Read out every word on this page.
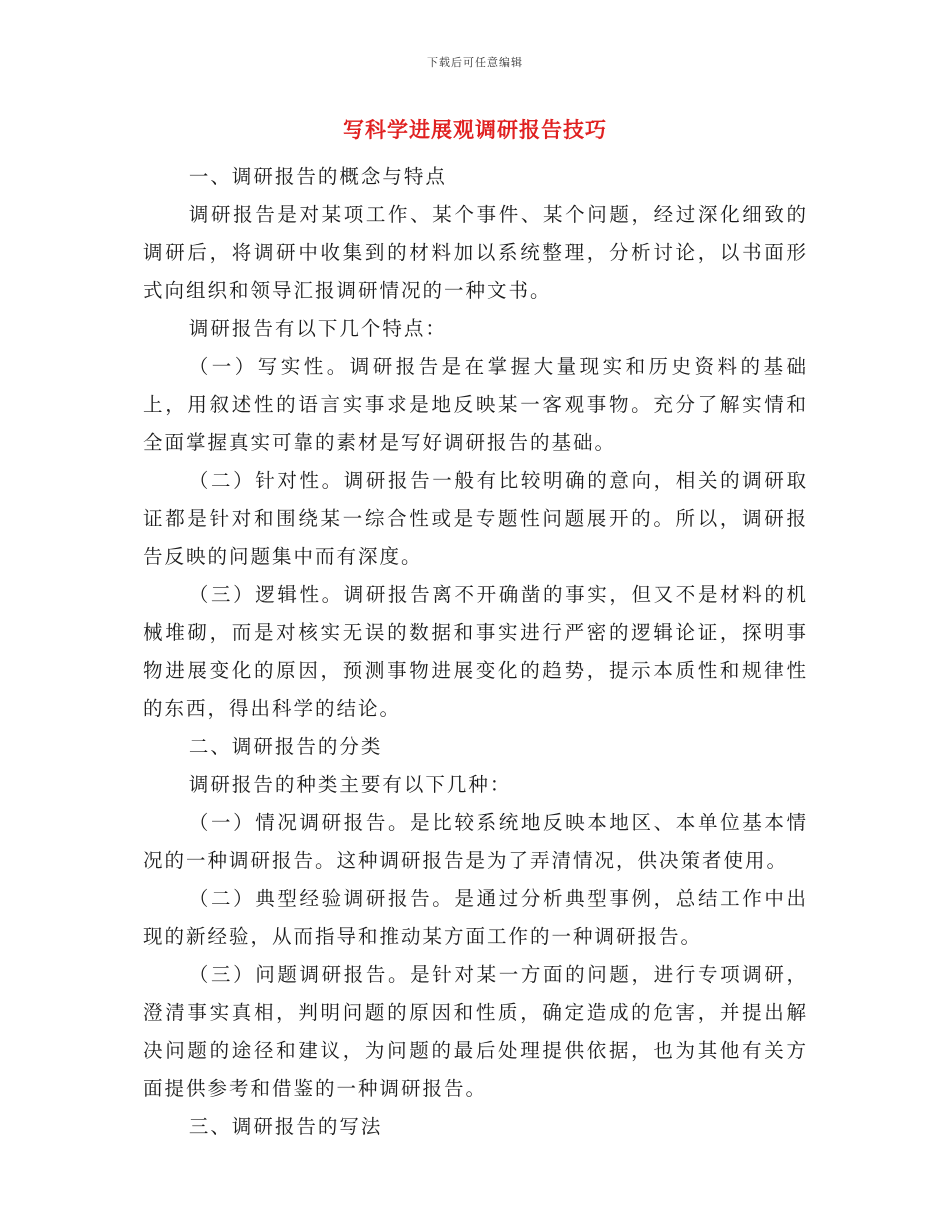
下载后可任意编辑
写科学进展观调研报告技巧

一、调研报告的概念与特点

调研报告是对某项工作、某个事件、某个问题，经过深化细致的调研后，将调研中收集到的材料加以系统整理，分析讨论，以书面形式向组织和领导汇报调研情况的一种文书。

调研报告有以下几个特点：

（一）写实性。调研报告是在掌握大量现实和历史资料的基础上，用叙述性的语言实事求是地反映某一客观事物。充分了解实情和全面掌握真实可靠的素材是写好调研报告的基础。

（二）针对性。调研报告一般有比较明确的意向，相关的调研取证都是针对和围绕某一综合性或是专题性问题展开的。所以，调研报告反映的问题集中而有深度。

（三）逻辑性。调研报告离不开确凿的事实，但又不是材料的机械堆砌，而是对核实无误的数据和事实进行严密的逻辑论证，探明事物进展变化的原因，预测事物进展变化的趋势，提示本质性和规律性的东西，得出科学的结论。

二、调研报告的分类

调研报告的种类主要有以下几种：

（一）情况调研报告。是比较系统地反映本地区、本单位基本情况的一种调研报告。这种调研报告是为了弄清情况，供决策者使用。

（二）典型经验调研报告。是通过分析典型事例，总结工作中出现的新经验，从而指导和推动某方面工作的一种调研报告。

（三）问题调研报告。是针对某一方面的问题，进行专项调研，澄清事实真相，判明问题的原因和性质，确定造成的危害，并提出解决问题的途径和建议，为问题的最后处理提供依据，也为其他有关方面提供参考和借鉴的一种调研报告。

三、调研报告的写法
